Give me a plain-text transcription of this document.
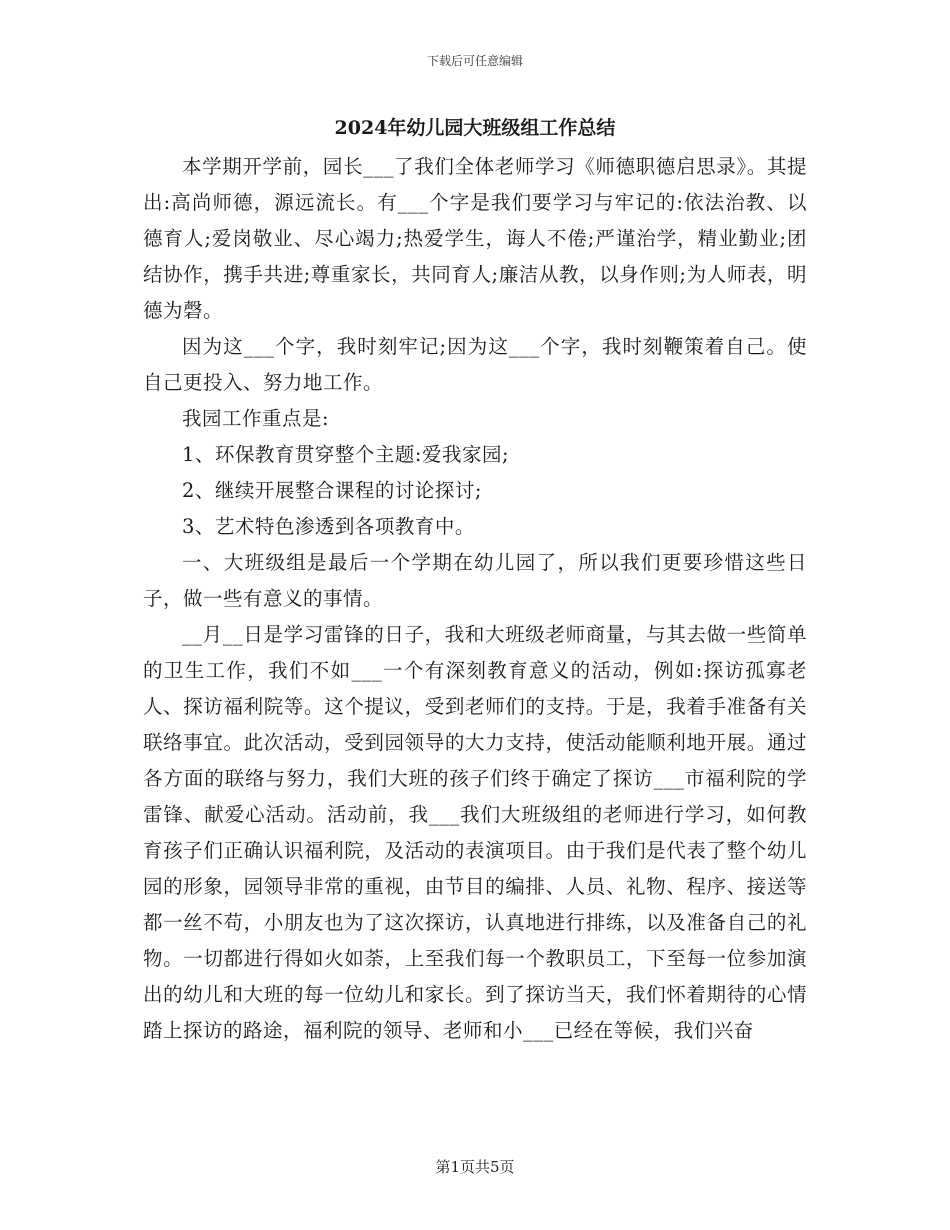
下载后可任意编辑
2024年幼儿园大班级组工作总结

本学期开学前，园长___了我们全体老师学习《师德职德启思录》。其提出:高尚师德，源远流长。有___个字是我们要学习与牢记的:依法治教、以德育人;爱岗敬业、尽心竭力;热爱学生，诲人不倦;严谨治学，精业勤业;团结协作，携手共进;尊重家长，共同育人;廉洁从教，以身作则;为人师表，明德为磬。

因为这___个字，我时刻牢记;因为这___个字，我时刻鞭策着自己。使自己更投入、努力地工作。

我园工作重点是:

1、环保教育贯穿整个主题:爱我家园;

2、继续开展整合课程的讨论探讨;

3、艺术特色渗透到各项教育中。

一、大班级组是最后一个学期在幼儿园了，所以我们更要珍惜这些日子，做一些有意义的事情。

__月__日是学习雷锋的日子，我和大班级老师商量，与其去做一些简单的卫生工作，我们不如___一个有深刻教育意义的活动，例如:探访孤寡老人、探访福利院等。这个提议，受到老师们的支持。于是，我着手准备有关联络事宜。此次活动，受到园领导的大力支持，使活动能顺利地开展。通过各方面的联络与努力，我们大班的孩子们终于确定了探访___市福利院的学雷锋、献爱心活动。活动前，我___我们大班级组的老师进行学习，如何教育孩子们正确认识福利院，及活动的表演项目。由于我们是代表了整个幼儿园的形象，园领导非常的重视，由节目的编排、人员、礼物、程序、接送等都一丝不苟，小朋友也为了这次探访，认真地进行排练，以及准备自己的礼物。一切都进行得如火如荼，上至我们每一个教职员工，下至每一位参加演出的幼儿和大班的每一位幼儿和家长。到了探访当天，我们怀着期待的心情踏上探访的路途，福利院的领导、老师和小___已经在等候，我们兴奋

第1页共5页
